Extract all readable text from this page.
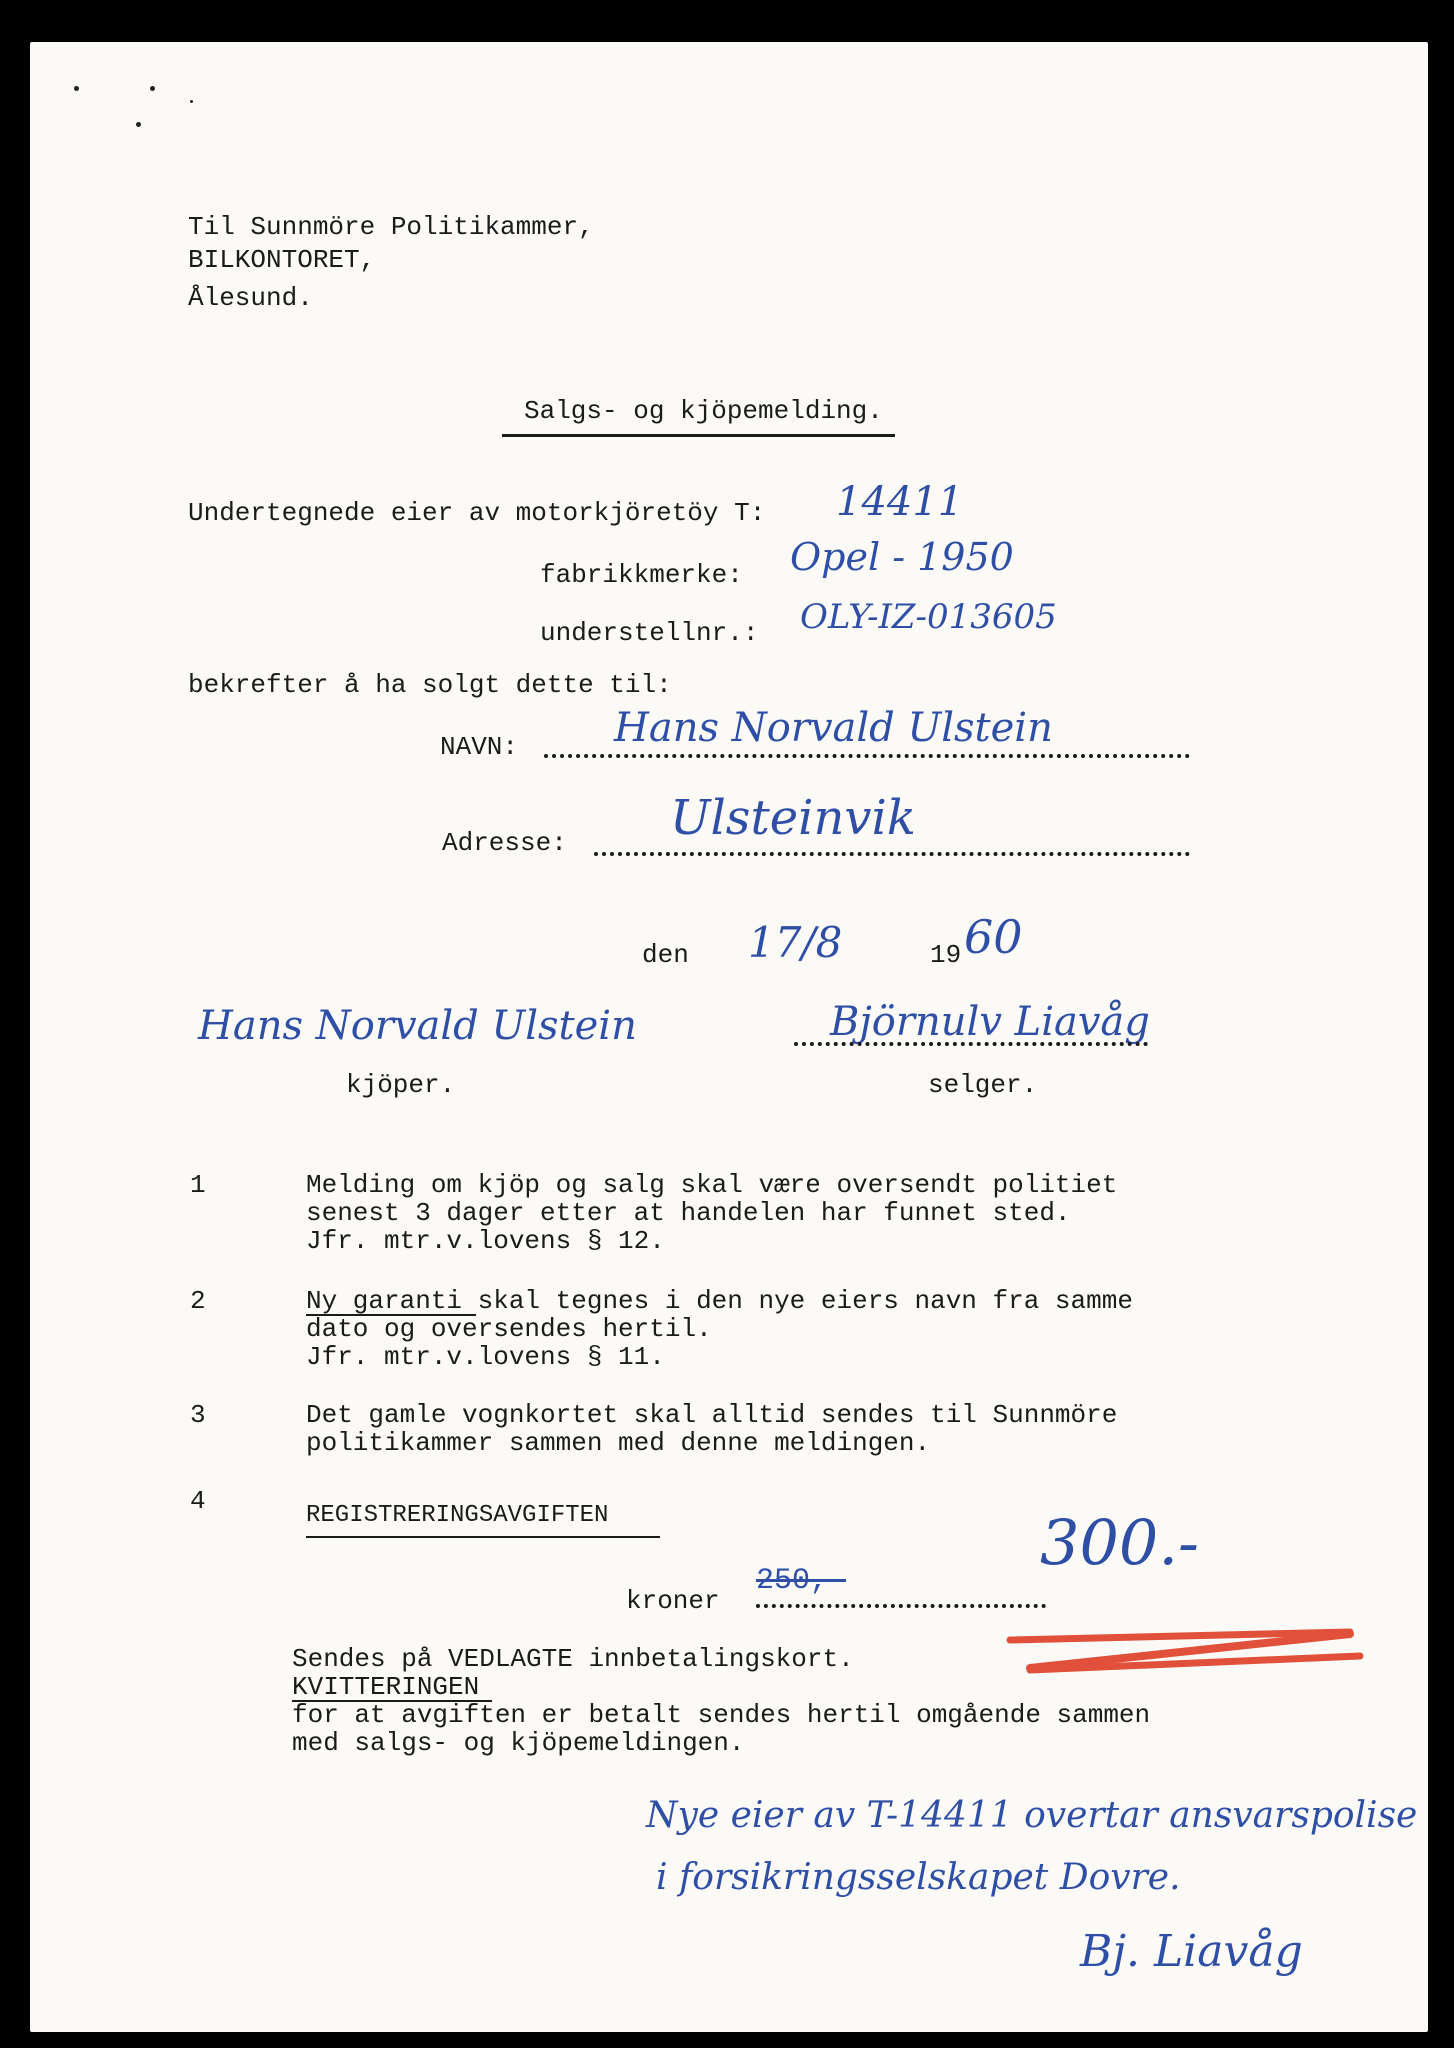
Til Sunnmöre Politikammer,
BILKONTORET,
Ålesund.
Salgs- og kjöpemelding.
Undertegnede eier av motorkjöretöy T: 14411
fabrikkmerke: Opel - 1950
understellnr.: OLY-IZ-013605
bekrefter å ha solgt dette til:
NAVN: Hans Norvald Ulstein
Adresse: Ulsteinvik
den 17/8	19 60
Hans Norvald Ulstein	Björnulv Liavåg
kjöper.	selger.
1	Melding om kjöp og salg skal være oversendt politiet
senest 3 dager etter at handelen har funnet sted.
Jfr. mtr.v.lovens § 12.
2	Ny garanti skal tegnes i den nye eiers navn fra samme
dato og oversendes hertil.
Jfr. mtr.v.lovens § 11.
3	Det gamle vognkortet skal alltid sendes til Sunnmöre
politikammer sammen med denne meldingen.
4	REGISTRERINGSAVGIFTEN
kroner
250,-
300.-
Sendes på VEDLAGTE innbetalingskort.
KVITTERINGEN
for at avgiften er betalt sendes hertil omgående sammen
med salgs- og kjöpemeldingen.
Nye eier av T-14411 overtar ansvarspolise
i forsikringsselskapet Dovre.
Bj. Liavåg
